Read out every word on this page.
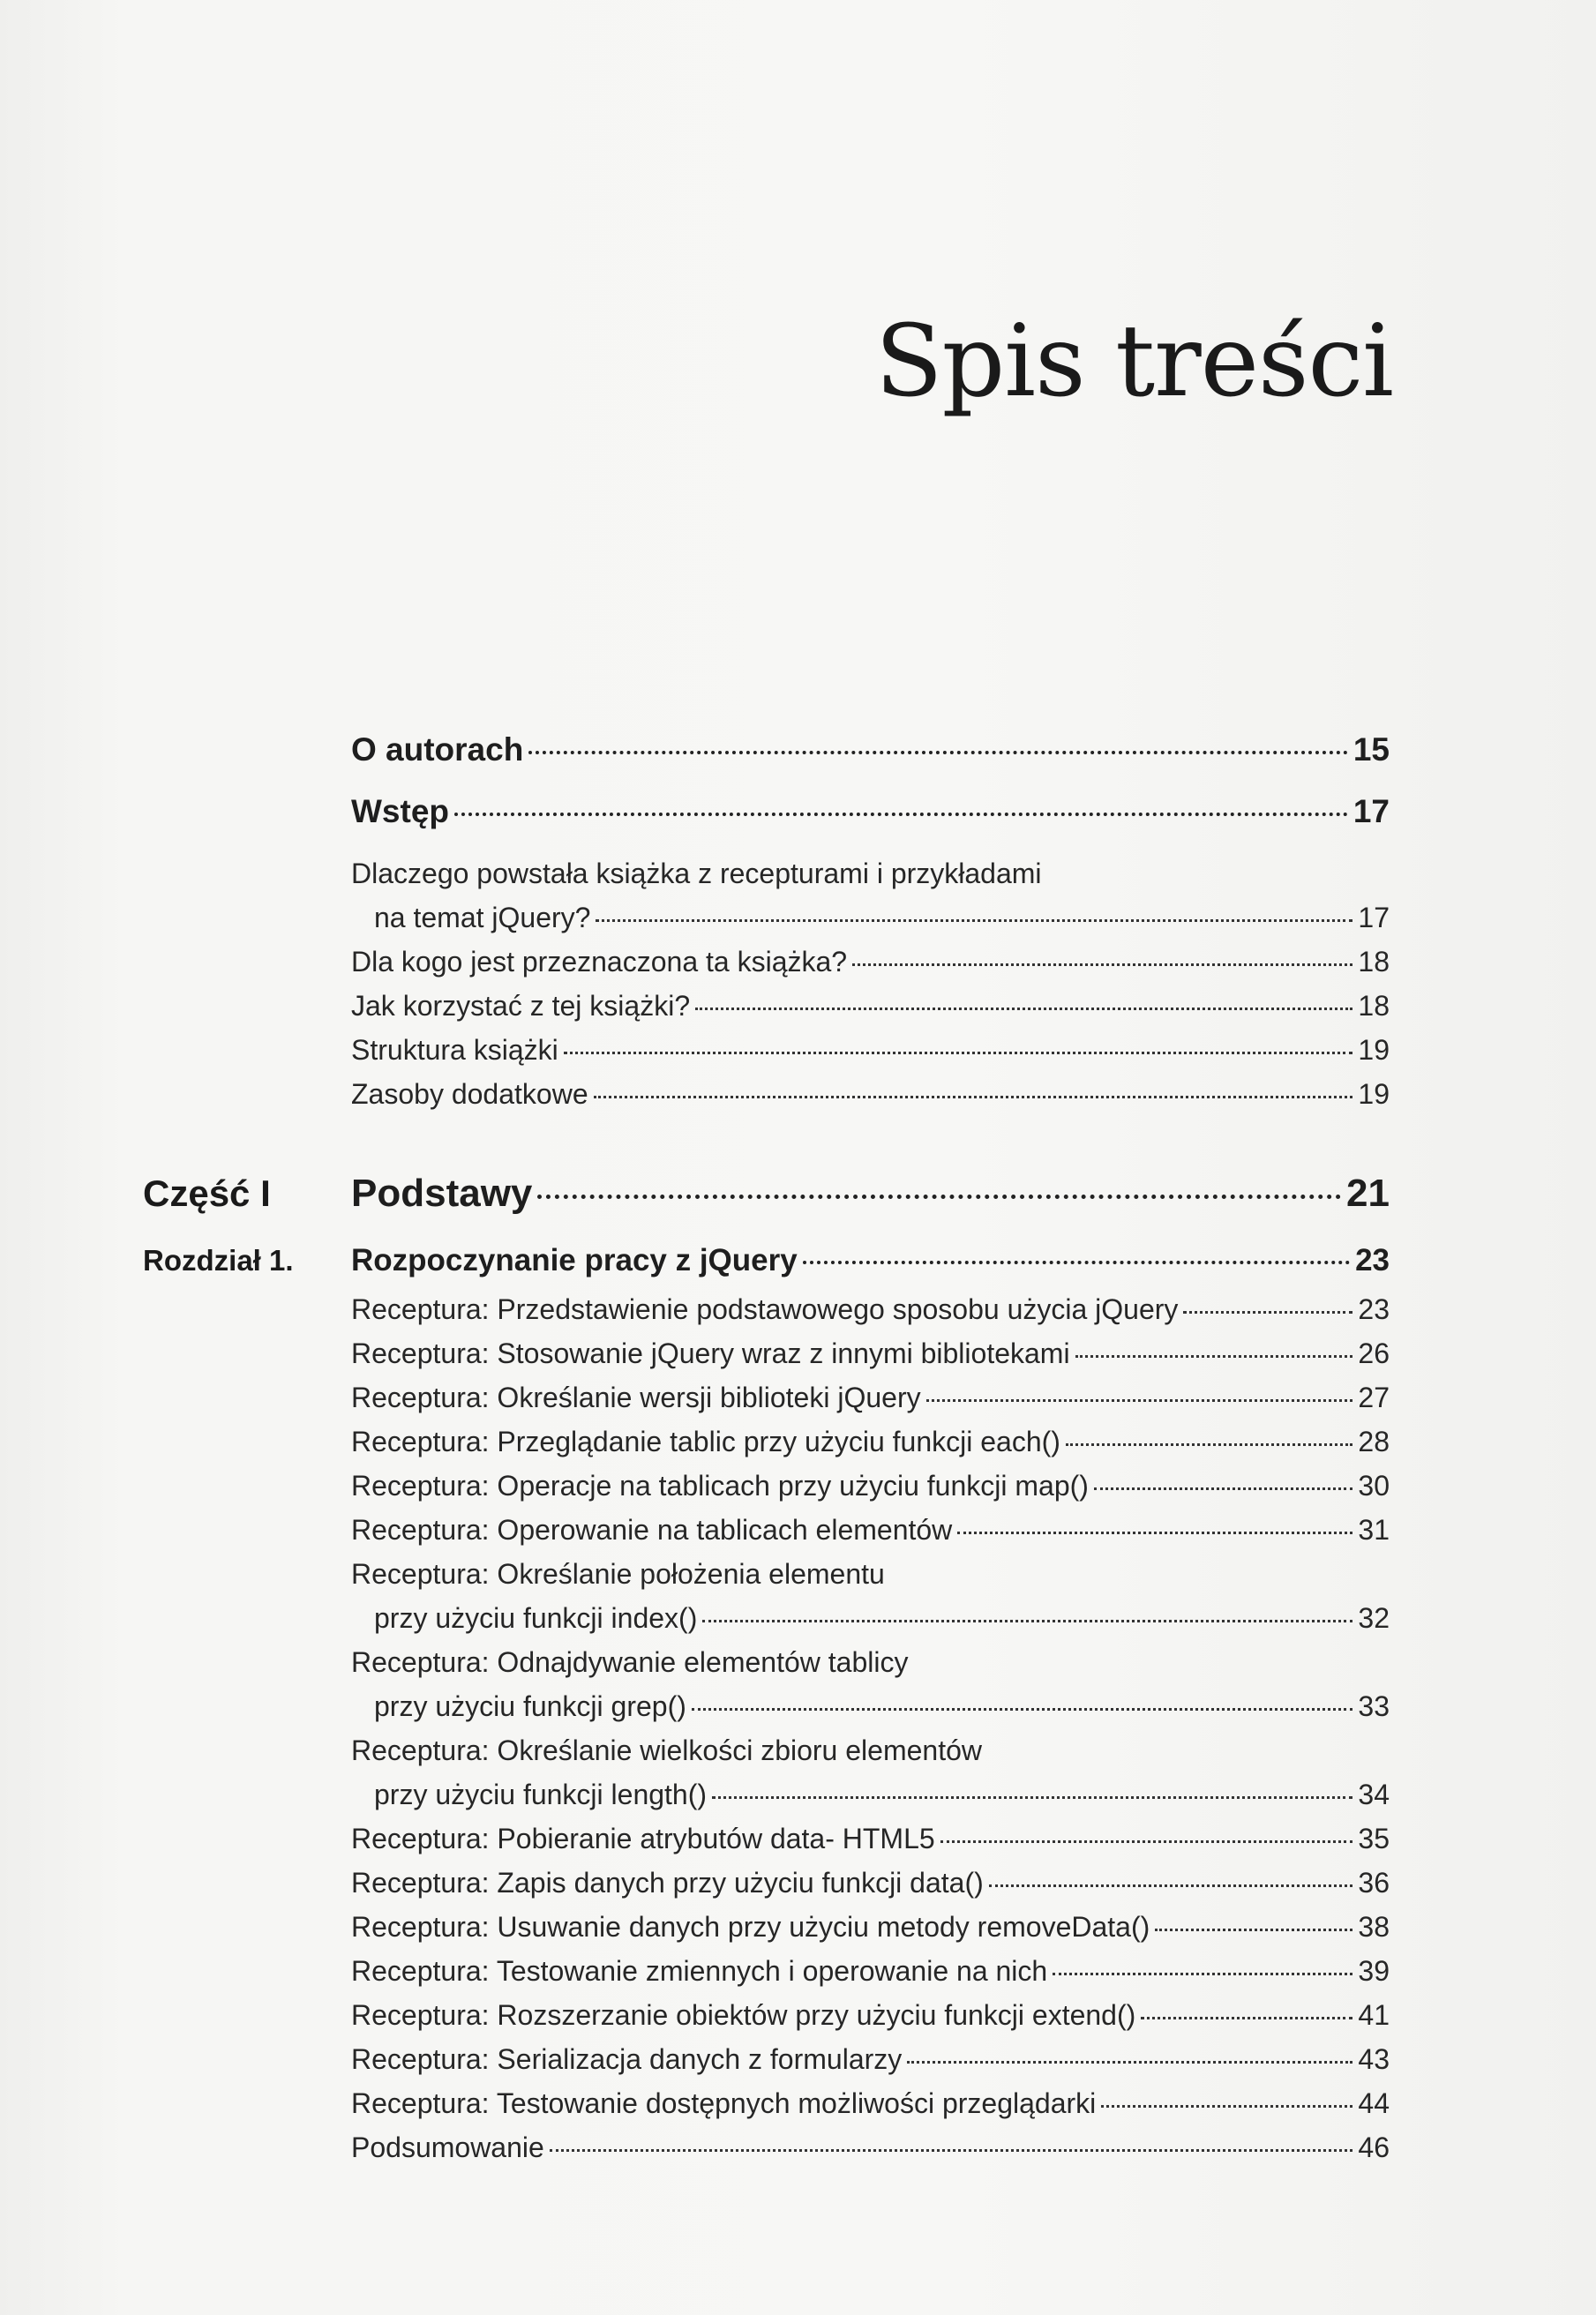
Spis treści
O autorach	15
Wstęp	17
Dlaczego powstała książka z recepturami i przykładami
na temat jQuery?	17
Dla kogo jest przeznaczona ta książka?	18
Jak korzystać z tej książki?	18
Struktura książki	19
Zasoby dodatkowe	19
Część I Podstawy	21
Rozdział 1. Rozpoczynanie pracy z jQuery	23
Receptura: Przedstawienie podstawowego sposobu użycia jQuery	23
Receptura: Stosowanie jQuery wraz z innymi bibliotekami	26
Receptura: Określanie wersji biblioteki jQuery	27
Receptura: Przeglądanie tablic przy użyciu funkcji each()	28
Receptura: Operacje na tablicach przy użyciu funkcji map()	30
Receptura: Operowanie na tablicach elementów	31
Receptura: Określanie położenia elementu
przy użyciu funkcji index()	32
Receptura: Odnajdywanie elementów tablicy
przy użyciu funkcji grep()	33
Receptura: Określanie wielkości zbioru elementów
przy użyciu funkcji length()	34
Receptura: Pobieranie atrybutów data- HTML5	35
Receptura: Zapis danych przy użyciu funkcji data()	36
Receptura: Usuwanie danych przy użyciu metody removeData()	38
Receptura: Testowanie zmiennych i operowanie na nich	39
Receptura: Rozszerzanie obiektów przy użyciu funkcji extend()	41
Receptura: Serializacja danych z formularzy	43
Receptura: Testowanie dostępnych możliwości przeglądarki	44
Podsumowanie	46
